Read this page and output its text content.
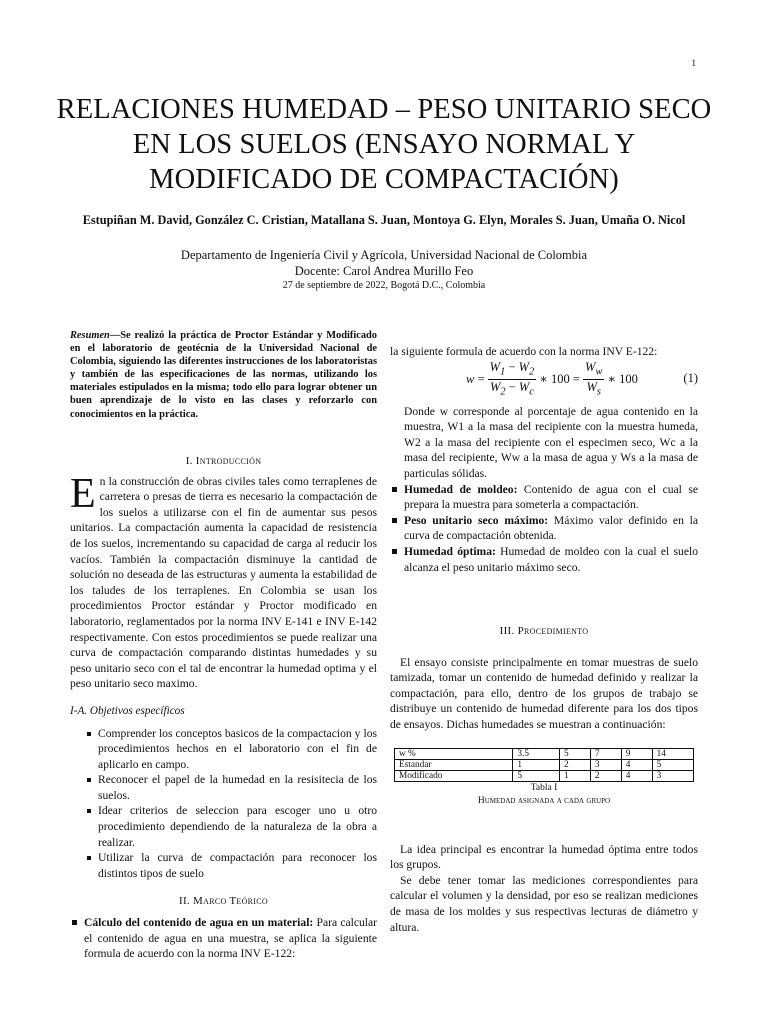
1
RELACIONES HUMEDAD – PESO UNITARIO SECO EN LOS SUELOS (ENSAYO NORMAL Y MODIFICADO DE COMPACTACIÓN)
Estupiñan M. David, González C. Cristian, Matallana S. Juan, Montoya G. Elyn, Morales S. Juan, Umaña O. Nicol
Departamento de Ingeniería Civil y Agrícola, Universidad Nacional de Colombia
Docente: Carol Andrea Murillo Feo
27 de septiembre de 2022, Bogotá D.C., Colombia
Resumen—Se realizó la práctica de Proctor Estándar y Modificado en el laboratorio de geotécnia de la Universidad Nacional de Colombia, siguiendo las diferentes instrucciones de los laboratoristas y también de las especificaciones de las normas, utilizando los materiales estipulados en la misma; todo ello para lograr obtener un buen aprendizaje de lo visto en las clases y reforzarlo con conocimientos en la práctica.
I. Introducción

En la construcción de obras civiles tales como terraplenes de carretera o presas de tierra es necesario la compactación de los suelos a utilizarse con el fin de aumentar sus pesos unitarios. La compactación aumenta la capacidad de resistencia de los suelos, incrementando su capacidad de carga al reducir los vacíos. También la compactación disminuye la cantidad de solución no deseada de las estructuras y aumenta la estabilidad de los taludes de los terraplenes. En Colombia se usan los procedimientos Proctor estándar y Proctor modificado en laboratorio, reglamentados por la norma INV E-141 e INV E-142 respectivamente. Con estos procedimientos se puede realizar una curva de compactación comparando distintas humedades y su peso unitario seco con el tal de encontrar la humedad optima y el peso unitario seco maximo.

I-A. Objetivos específicos
Comprender los conceptos basicos de la compactacion y los procedimientos hechos en el laboratorio con el fin de aplicarlo en campo.
Reconocer el papel de la humedad en la resisitecia de los suelos.
Idear criterios de seleccion para escoger uno u otro procedimiento dependiendo de la naturaleza de la obra a realizar.
Utilizar la curva de compactación para reconocer los distintos tipos de suelo
II. Marco Teórico
Cálculo del contenido de agua en un material: Para calcular el contenido de agua en una muestra, se aplica la siguiente formula de acuerdo con la norma INV E-122:

la siguiente formula de acuerdo con la norma INV E-122:

$w = \frac{W_1 - W_2}{W_2 - W_c}$ ∗ $100 = \frac{W_w}{W_s}$ ∗ 100	(1)

Donde w corresponde al porcentaje de agua contenido en la muestra, W1 a la masa del recipiente con la muestra humeda, W2 a la masa del recipiente con el especimen seco, Wc a la masa del recipiente, Ww a la masa de agua y Ws a la masa de particulas sólidas.

Humedad de moldeo: Contenido de agua con el cual se prepara la muestra para someterla a compactación.
Peso unitario seco máximo: Máximo valor definido en la curva de compactación obtenida.
Humedad óptima: Humedad de moldeo con la cual el suelo alcanza el peso unitario máximo seco.
III. Procedimiento

El ensayo consiste principalmente en tomar muestras de suelo tamizada, tomar un contenido de humedad definido y realizar la compactación, para ello, dentro de los grupos de trabajo se distribuye un contenido de humedad diferente para los dos tipos de ensayos. Dichas humedades se muestran a continuación:

w %	3.5	5	7	9	14
Estandar	1	2	3	4	5
Modificado	5	1	2	4	3
Tabla I
Humedad asignada a cada grupo

La idea principal es encontrar la humedad óptima entre todos los grupos.

Se debe tener tomar las mediciones correspondientes para calcular el volumen y la densidad, por eso se realizan mediciones de masa de los moldes y sus respectivas lecturas de diámetro y altura.
